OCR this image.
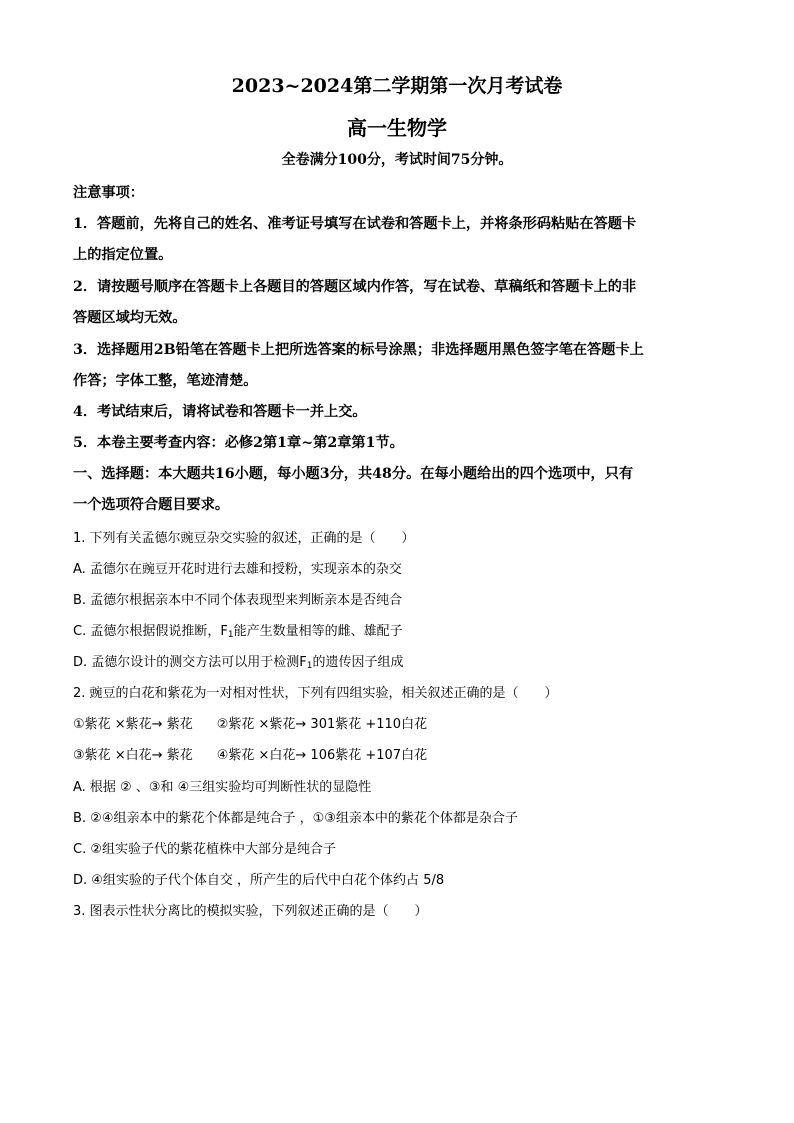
2023~2024第二学期第一次月考试卷
高一生物学
全卷满分100分，考试时间75分钟。
注意事项：
1．答题前，先将自己的姓名、准考证号填写在试卷和答题卡上，并将条形码粘贴在答题卡
上的指定位置。
2．请按题号顺序在答题卡上各题目的答题区域内作答，写在试卷、草稿纸和答题卡上的非
答题区域均无效。
3．选择题用2B铅笔在答题卡上把所选答案的标号涂黑；非选择题用黑色签字笔在答题卡上
作答；字体工整，笔迹清楚。
4．考试结束后，请将试卷和答题卡一并上交。
5．本卷主要考查内容：必修2第1章~第2章第1节。
一、选择题：本大题共16小题，每小题3分，共48分。在每小题给出的四个选项中，只有
一个选项符合题目要求。
1. 下列有关孟德尔豌豆杂交实验的叙述，正确的是（　　）
A. 孟德尔在豌豆开花时进行去雄和授粉，实现亲本的杂交
B. 孟德尔根据亲本中不同个体表现型来判断亲本是否纯合
C. 孟德尔根据假说推断，$F_1$能产生数量相等的雌、雄配子
D. 孟德尔设计的测交方法可以用于检测$F_1$的遗传因子组成
2. 豌豆的白花和紫花为一对相对性状，下列有四组实验，相关叙述正确的是（　　）
①紫花 ×紫花→ 紫花 ②紫花 ×紫花→ 301紫花 +110白花
③紫花 ×白花→ 紫花 ④紫花 ×白花→ 106紫花 +107白花
A. 根据 ② 、③和 ④三组实验均可判断性状的显隐性
B. ②④组亲本中的紫花个体都是纯合子 ，①③组亲本中的紫花个体都是杂合子
C. ②组实验子代的紫花植株中大部分是纯合子
D. ④组实验的子代个体自交 ，所产生的后代中白花个体约占 5/8
3. 图表示性状分离比的模拟实验，下列叙述正确的是（　　）
